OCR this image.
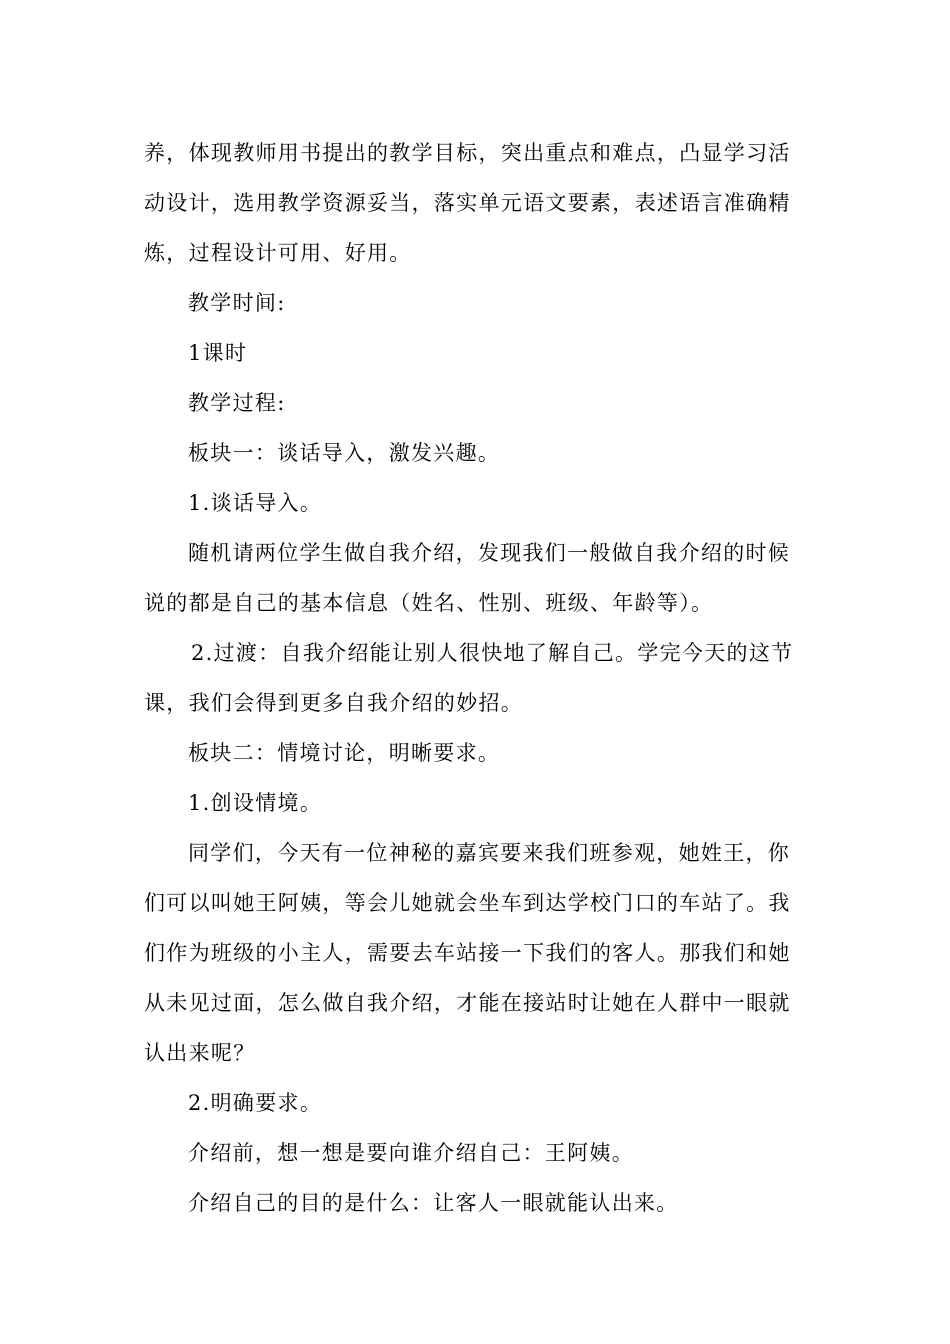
养，体现教师用书提出的教学目标，突出重点和难点，凸显学习活
动设计，选用教学资源妥当，落实单元语文要素，表述语言准确精
炼，过程设计可用、好用。
教学时间:
1课时
教学过程:
板块一：谈话导入，激发兴趣。
1.谈话导入。
随机请两位学生做自我介绍，发现我们一般做自我介绍的时候
说的都是自己的基本信息（姓名、性别、班级、年龄等）。
2.过渡：自我介绍能让别人很快地了解自己。学完今天的这节
课，我们会得到更多自我介绍的妙招。
板块二：情境讨论，明晰要求。
1.创设情境。
同学们，今天有一位神秘的嘉宾要来我们班参观，她姓王，你
们可以叫她王阿姨，等会儿她就会坐车到达学校门口的车站了。我
们作为班级的小主人，需要去车站接一下我们的客人。那我们和她
从未见过面，怎么做自我介绍，才能在接站时让她在人群中一眼就
认出来呢？
2.明确要求。
介绍前，想一想是要向谁介绍自己：王阿姨。
介绍自己的目的是什么：让客人一眼就能认出来。
